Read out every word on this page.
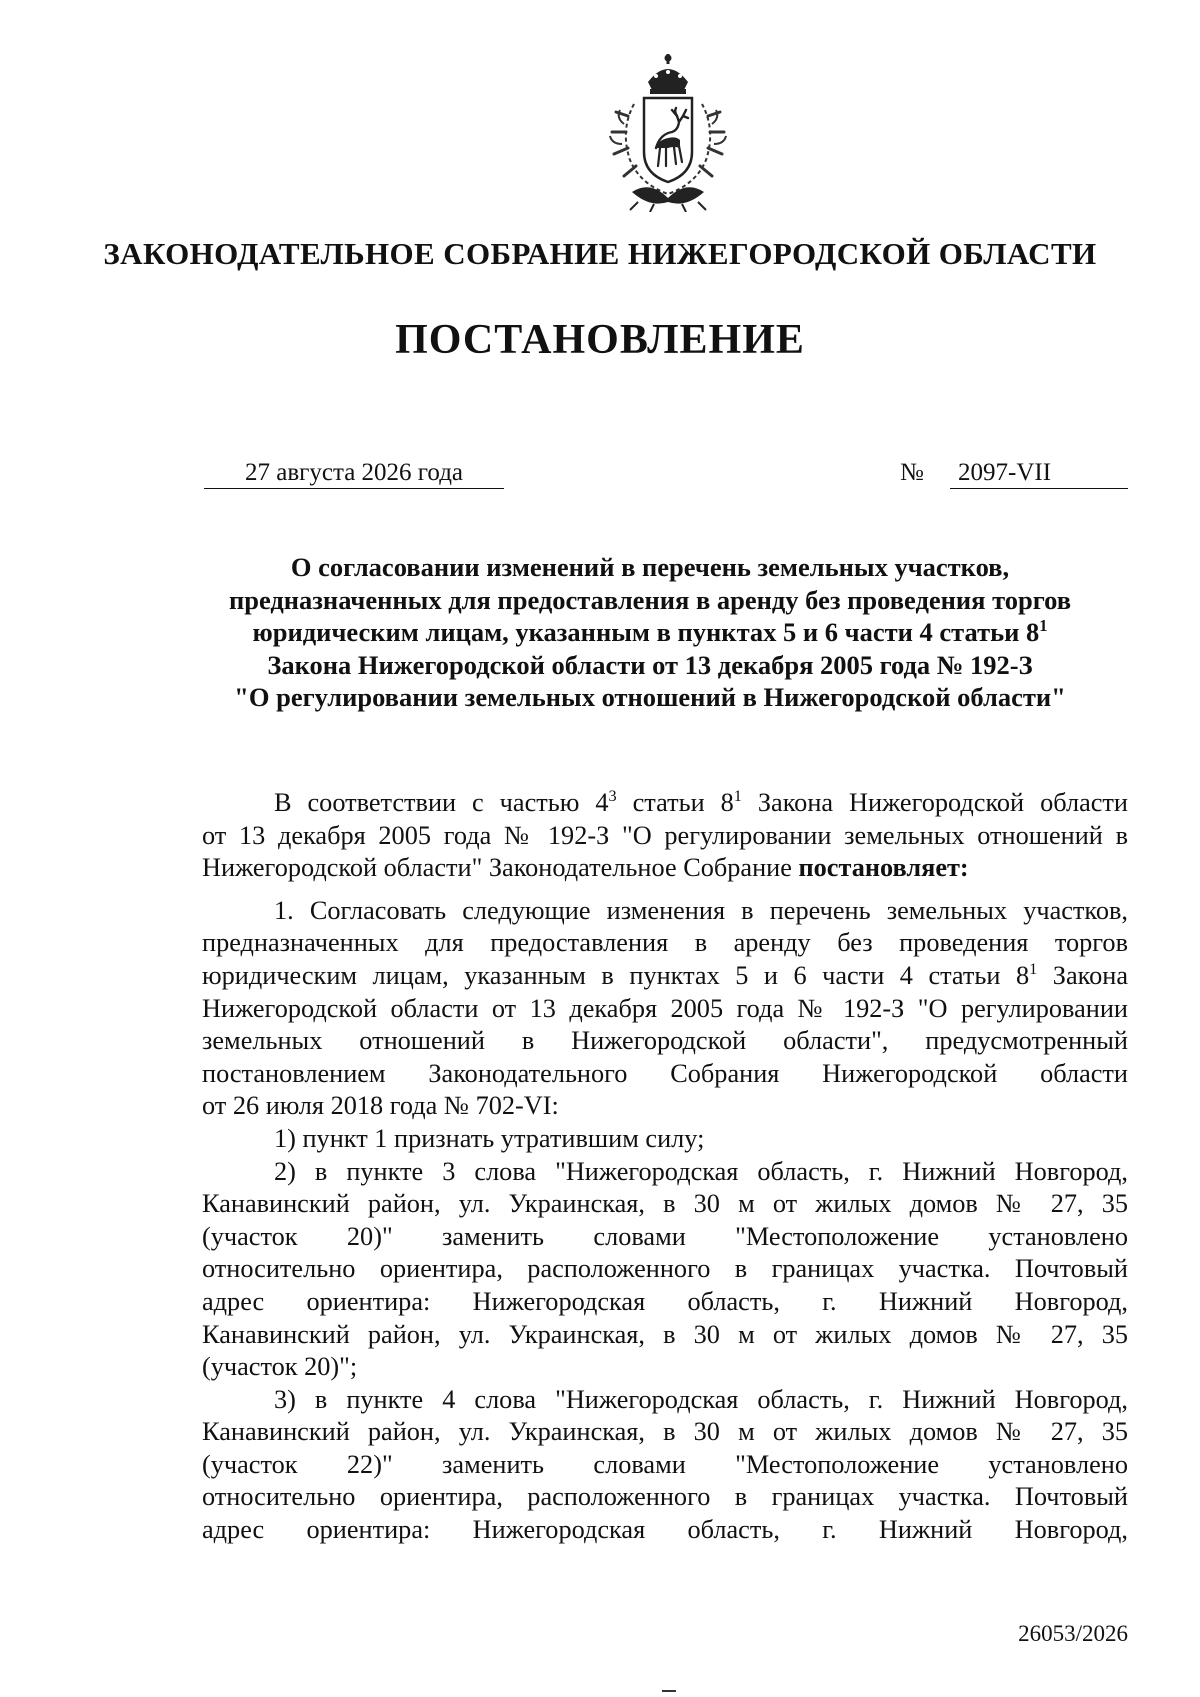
ЗАКОНОДАТЕЛЬНОЕ СОБРАНИЕ НИЖЕГОРОДСКОЙ ОБЛАСТИ
ПОСТАНОВЛЕНИЕ
27 августа 2026 года	№	2097-VII
О согласовании изменений в перечень земельных участков,
предназначенных для предоставления в аренду без проведения торгов
юридическим лицам, указанным в пунктах 5 и 6 части 4 статьи $8^1$
Закона Нижегородской области от 13 декабря 2005 года № 192-З
"О регулировании земельных отношений в Нижегородской области"
В соответствии с частью $4^3$ статьи $8^1$ Закона Нижегородской области
от 13 декабря 2005 года № 192-З "О регулировании земельных отношений в
Нижегородской области" Законодательное Собрание постановляет:
1. Согласовать следующие изменения в перечень земельных участков,
предназначенных для предоставления в аренду без проведения торгов
юридическим лицам, указанным в пунктах 5 и 6 части 4 статьи $8^1$ Закона
Нижегородской области от 13 декабря 2005 года № 192-З "О регулировании
земельных отношений в Нижегородской области", предусмотренный
постановлением Законодательного Собрания Нижегородской области
от 26 июля 2018 года № 702-VI:
1) пункт 1 признать утратившим силу;
2) в пункте 3 слова "Нижегородская область, г. Нижний Новгород,
Канавинский район, ул. Украинская, в 30 м от жилых домов № 27, 35
(участок 20)" заменить словами "Местоположение установлено
относительно ориентира, расположенного в границах участка. Почтовый
адрес ориентира: Нижегородская область, г. Нижний Новгород,
Канавинский район, ул. Украинская, в 30 м от жилых домов № 27, 35
(участок 20)";
3) в пункте 4 слова "Нижегородская область, г. Нижний Новгород,
Канавинский район, ул. Украинская, в 30 м от жилых домов № 27, 35
(участок 22)" заменить словами "Местоположение установлено
относительно ориентира, расположенного в границах участка. Почтовый
адрес ориентира: Нижегородская область, г. Нижний Новгород,
26053/2026
